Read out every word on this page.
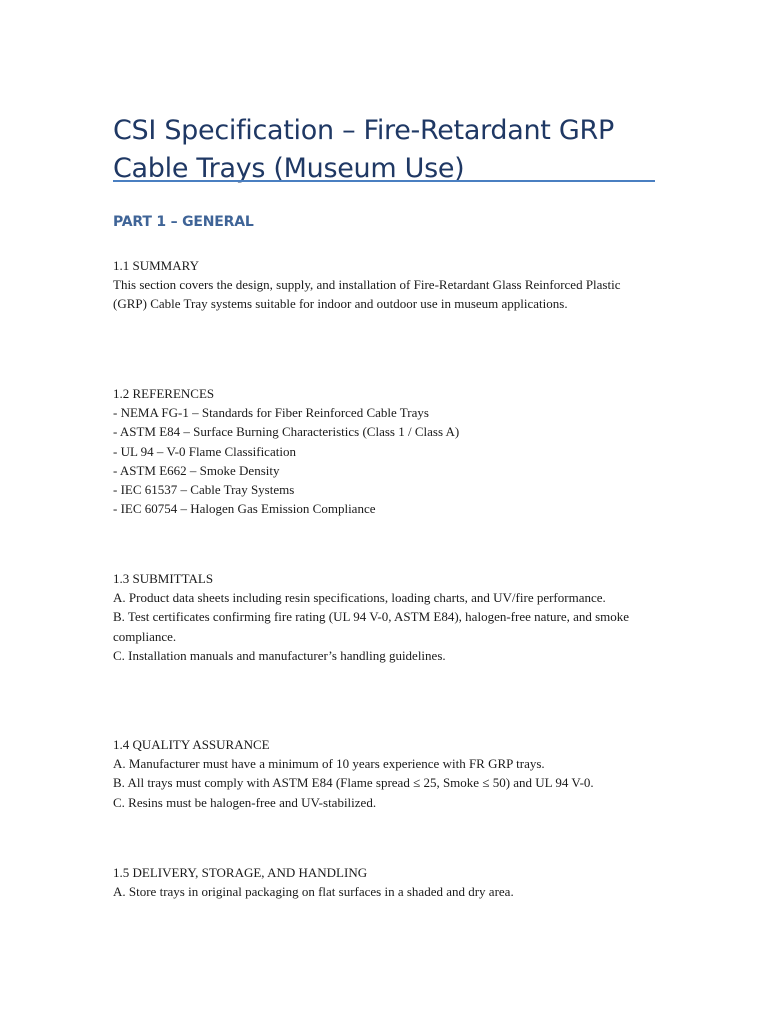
CSI Specification – Fire-Retardant GRP Cable Trays (Museum Use)
PART 1 – GENERAL
1.1 SUMMARY
This section covers the design, supply, and installation of Fire-Retardant Glass Reinforced Plastic (GRP) Cable Tray systems suitable for indoor and outdoor use in museum applications.
1.2 REFERENCES
- NEMA FG-1 – Standards for Fiber Reinforced Cable Trays
- ASTM E84 – Surface Burning Characteristics (Class 1 / Class A)
- UL 94 – V-0 Flame Classification
- ASTM E662 – Smoke Density
- IEC 61537 – Cable Tray Systems
- IEC 60754 – Halogen Gas Emission Compliance
1.3 SUBMITTALS
A. Product data sheets including resin specifications, loading charts, and UV/fire performance.
B. Test certificates confirming fire rating (UL 94 V-0, ASTM E84), halogen-free nature, and smoke compliance.
C. Installation manuals and manufacturer’s handling guidelines.
1.4 QUALITY ASSURANCE
A. Manufacturer must have a minimum of 10 years experience with FR GRP trays.
B. All trays must comply with ASTM E84 (Flame spread ≤ 25, Smoke ≤ 50) and UL 94 V-0.
C. Resins must be halogen-free and UV-stabilized.
1.5 DELIVERY, STORAGE, AND HANDLING
A. Store trays in original packaging on flat surfaces in a shaded and dry area.
